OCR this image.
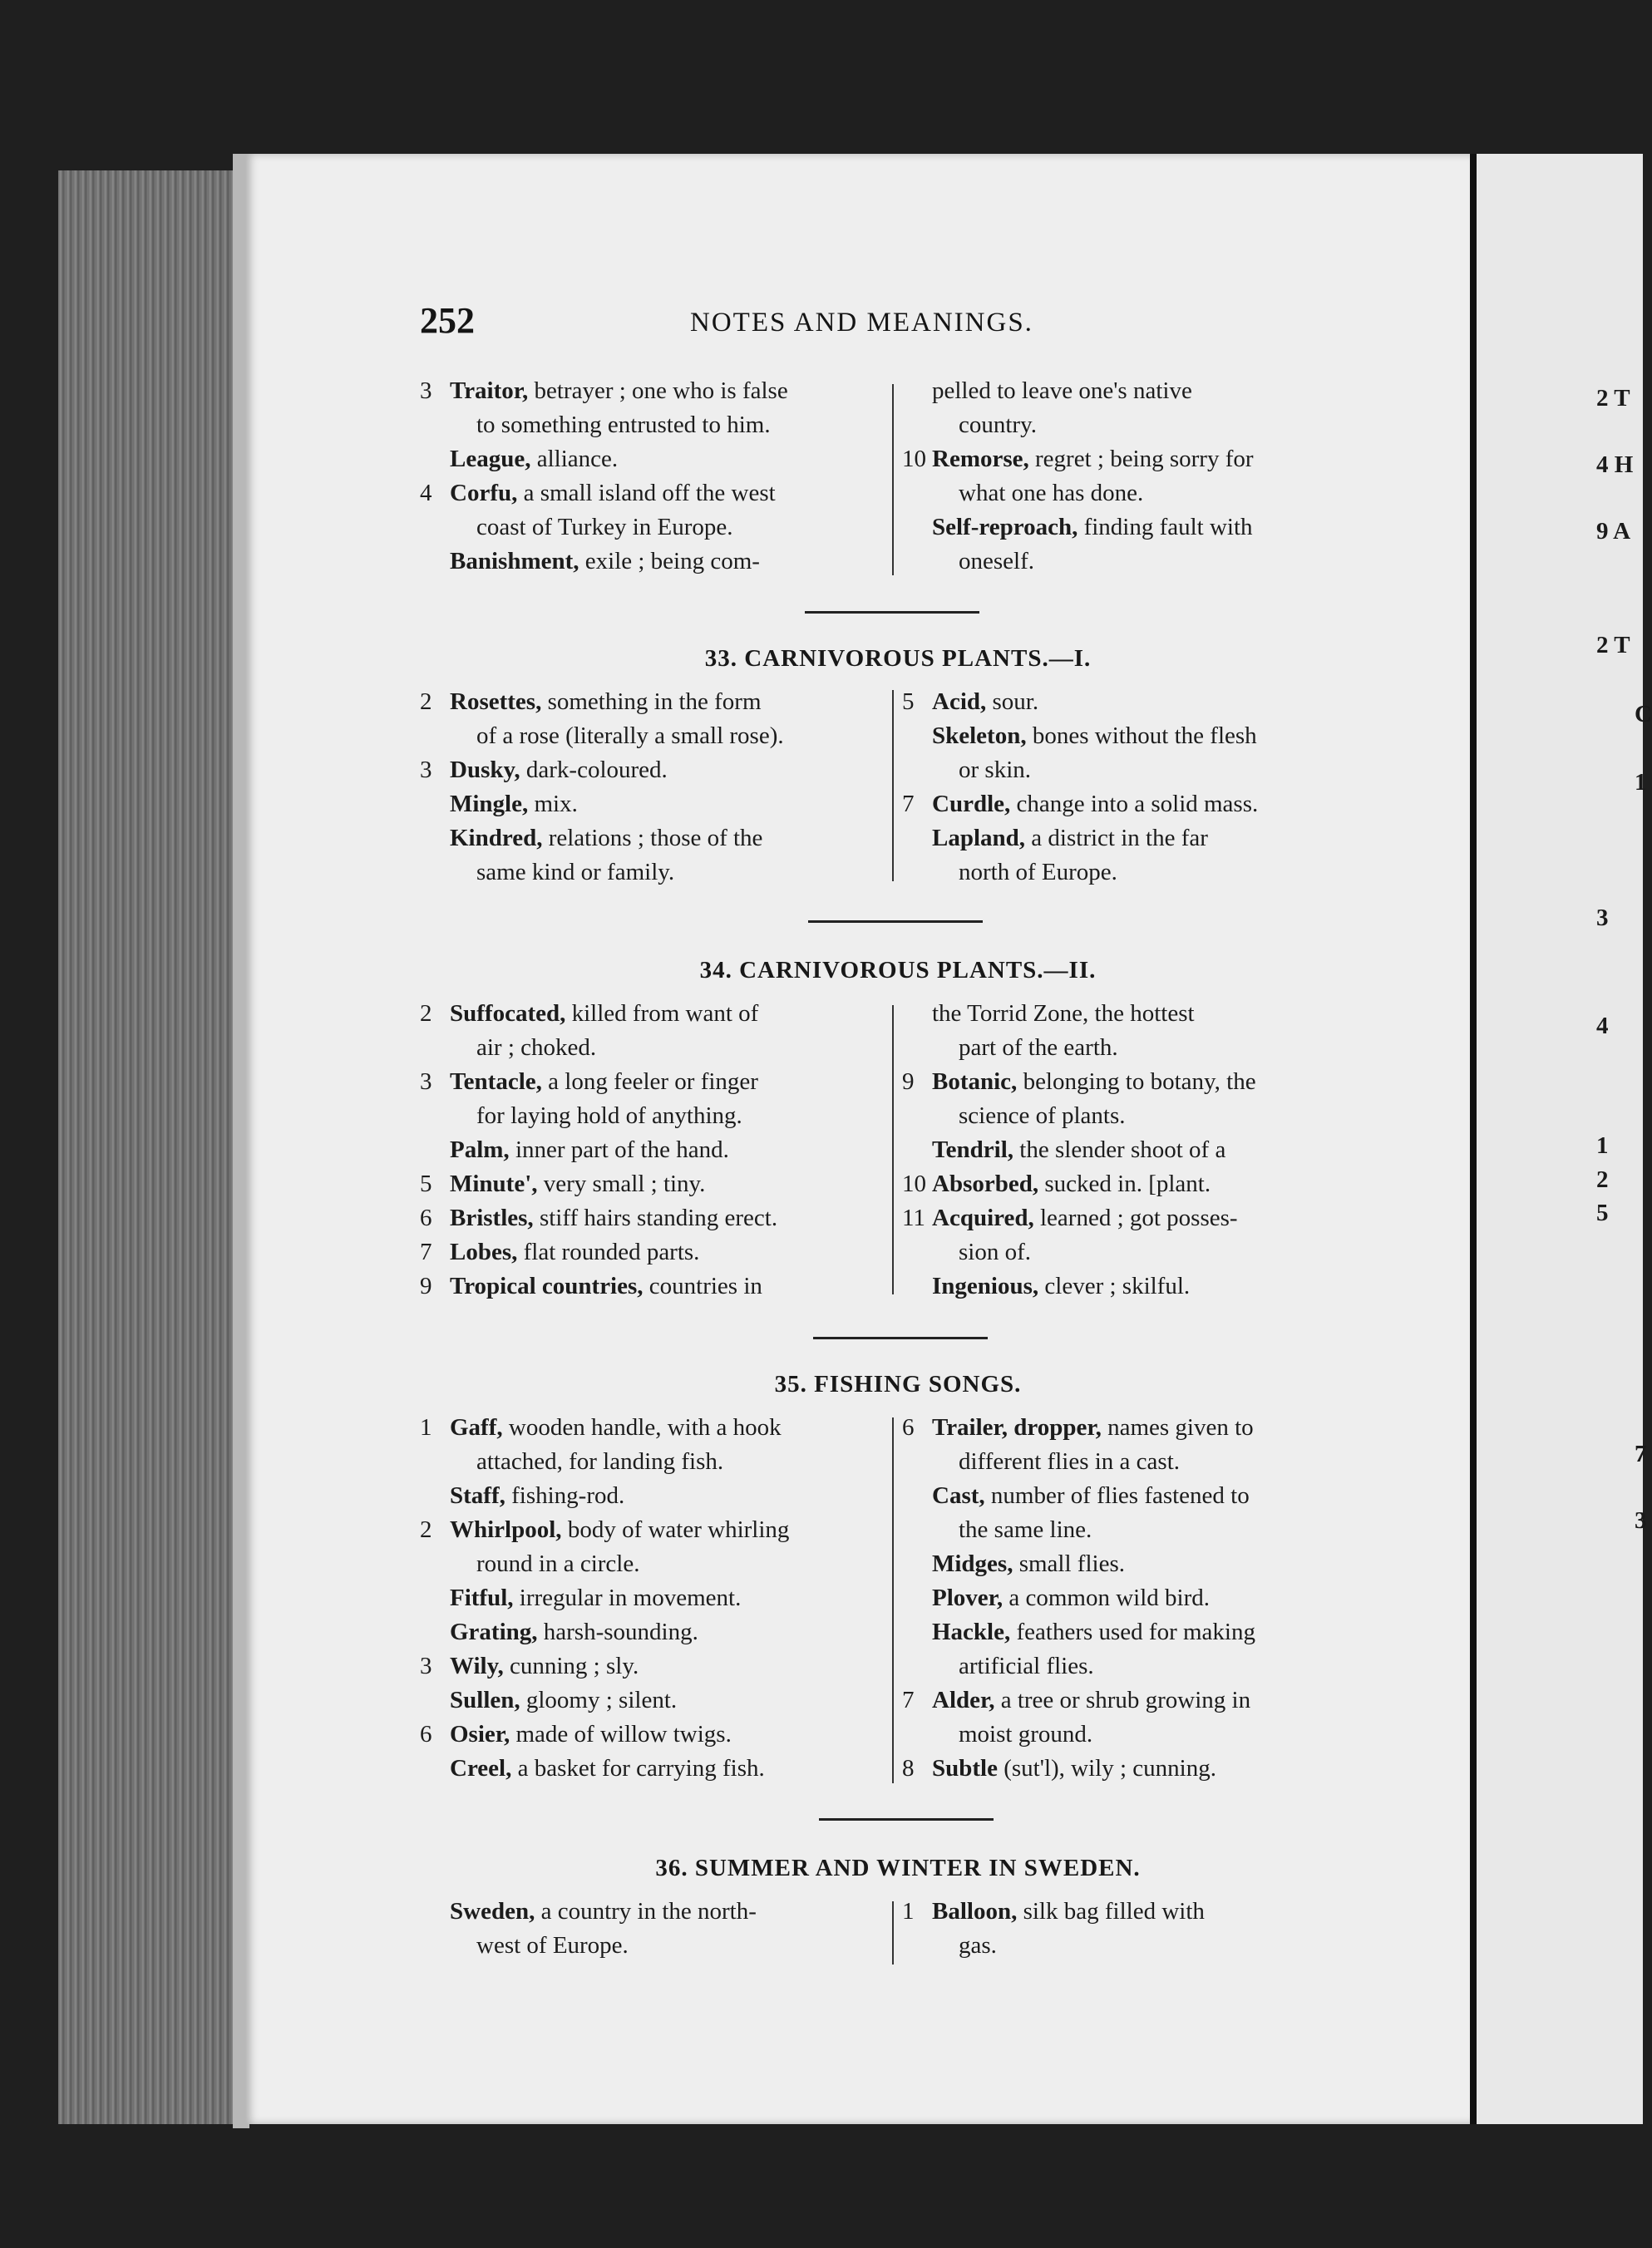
2 T
4 H
9 A
2 T
C
1
3
4
1
2
5
7
3
252	NOTES AND MEANINGS.
3 Traitor, betrayer ; one who is false
to something entrusted to him.
League, alliance.
4 Corfu, a small island off the west
coast of Turkey in Europe.
Banishment, exile ; being com-
pelled to leave one's native
country.
10 Remorse, regret ; being sorry for
what one has done.
Self-reproach, finding fault with
oneself.
33. CARNIVOROUS PLANTS.—I.
2 Rosettes, something in the form
of a rose (literally a small rose).
3 Dusky, dark-coloured.
Mingle, mix.
Kindred, relations ; those of the
same kind or family.
5 Acid, sour.
Skeleton, bones without the flesh
or skin.
7 Curdle, change into a solid mass.
Lapland, a district in the far
north of Europe.
34. CARNIVOROUS PLANTS.—II.
2 Suffocated, killed from want of
air ; choked.
3 Tentacle, a long feeler or finger
for laying hold of anything.
Palm, inner part of the hand.
5 Minute', very small ; tiny.
6 Bristles, stiff hairs standing erect.
7 Lobes, flat rounded parts.
9 Tropical countries, countries in
the Torrid Zone, the hottest
part of the earth.
9 Botanic, belonging to botany, the
science of plants.
Tendril, the slender shoot of a
10 Absorbed, sucked in. [plant.
11 Acquired, learned ; got posses-
sion of.
Ingenious, clever ; skilful.
35. FISHING SONGS.
1 Gaff, wooden handle, with a hook
attached, for landing fish.
Staff, fishing-rod.
2 Whirlpool, body of water whirling
round in a circle.
Fitful, irregular in movement.
Grating, harsh-sounding.
3 Wily, cunning ; sly.
Sullen, gloomy ; silent.
6 Osier, made of willow twigs.
Creel, a basket for carrying fish.
6 Trailer, dropper, names given to
different flies in a cast.
Cast, number of flies fastened to
the same line.
Midges, small flies.
Plover, a common wild bird.
Hackle, feathers used for making
artificial flies.
7 Alder, a tree or shrub growing in
moist ground.
8 Subtle (sut'l), wily ; cunning.
36. SUMMER AND WINTER IN SWEDEN.
Sweden, a country in the north-
west of Europe.
1 Balloon, silk bag filled with
gas.
